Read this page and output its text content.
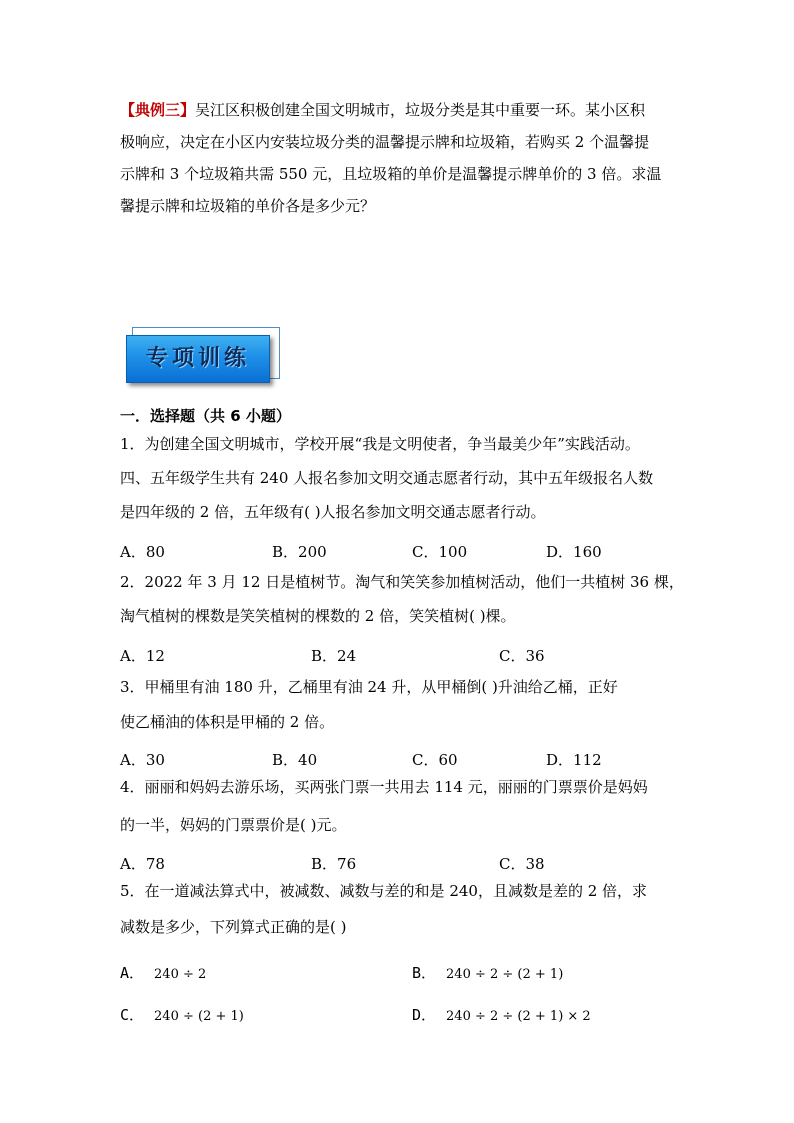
【典例三】吴江区积极创建全国文明城市，垃圾分类是其中重要一环。某小区积
极响应，决定在小区内安装垃圾分类的温馨提示牌和垃圾箱，若购买 2 个温馨提
示牌和 3 个垃圾箱共需 550 元，且垃圾箱的单价是温馨提示牌单价的 3 倍。求温
馨提示牌和垃圾箱的单价各是多少元？
专项训练
一．选择题（共 6 小题）
1．为创建全国文明城市，学校开展“我是文明使者，争当最美少年”实践活动。
四、五年级学生共有 240 人报名参加文明交通志愿者行动，其中五年级报名人数
是四年级的 2 倍，五年级有( )人报名参加文明交通志愿者行动。
A．80	B．200	C．100	D．160
2．2022 年 3 月 12 日是植树节。淘气和笑笑参加植树活动，他们一共植树 36 棵，
淘气植树的棵数是笑笑植树的棵数的 2 倍，笑笑植树( )棵。
A．12	B．24	C．36
3．甲桶里有油 180 升，乙桶里有油 24 升，从甲桶倒( )升油给乙桶，正好
使乙桶油的体积是甲桶的 2 倍。
A．30	B．40	C．60	D．112
4．丽丽和妈妈去游乐场，买两张门票一共用去 114 元，丽丽的门票票价是妈妈
的一半，妈妈的门票票价是( )元。
A．78	B．76	C．38
5．在一道减法算式中，被减数、减数与差的和是 240，且减数是差的 2 倍，求
减数是多少，下列算式正确的是( )
A． 240 ÷ 2	B． 240 ÷ 2 ÷ (2 + 1)
C． 240 ÷ (2 + 1)	D． 240 ÷ 2 ÷ (2 + 1) × 2
